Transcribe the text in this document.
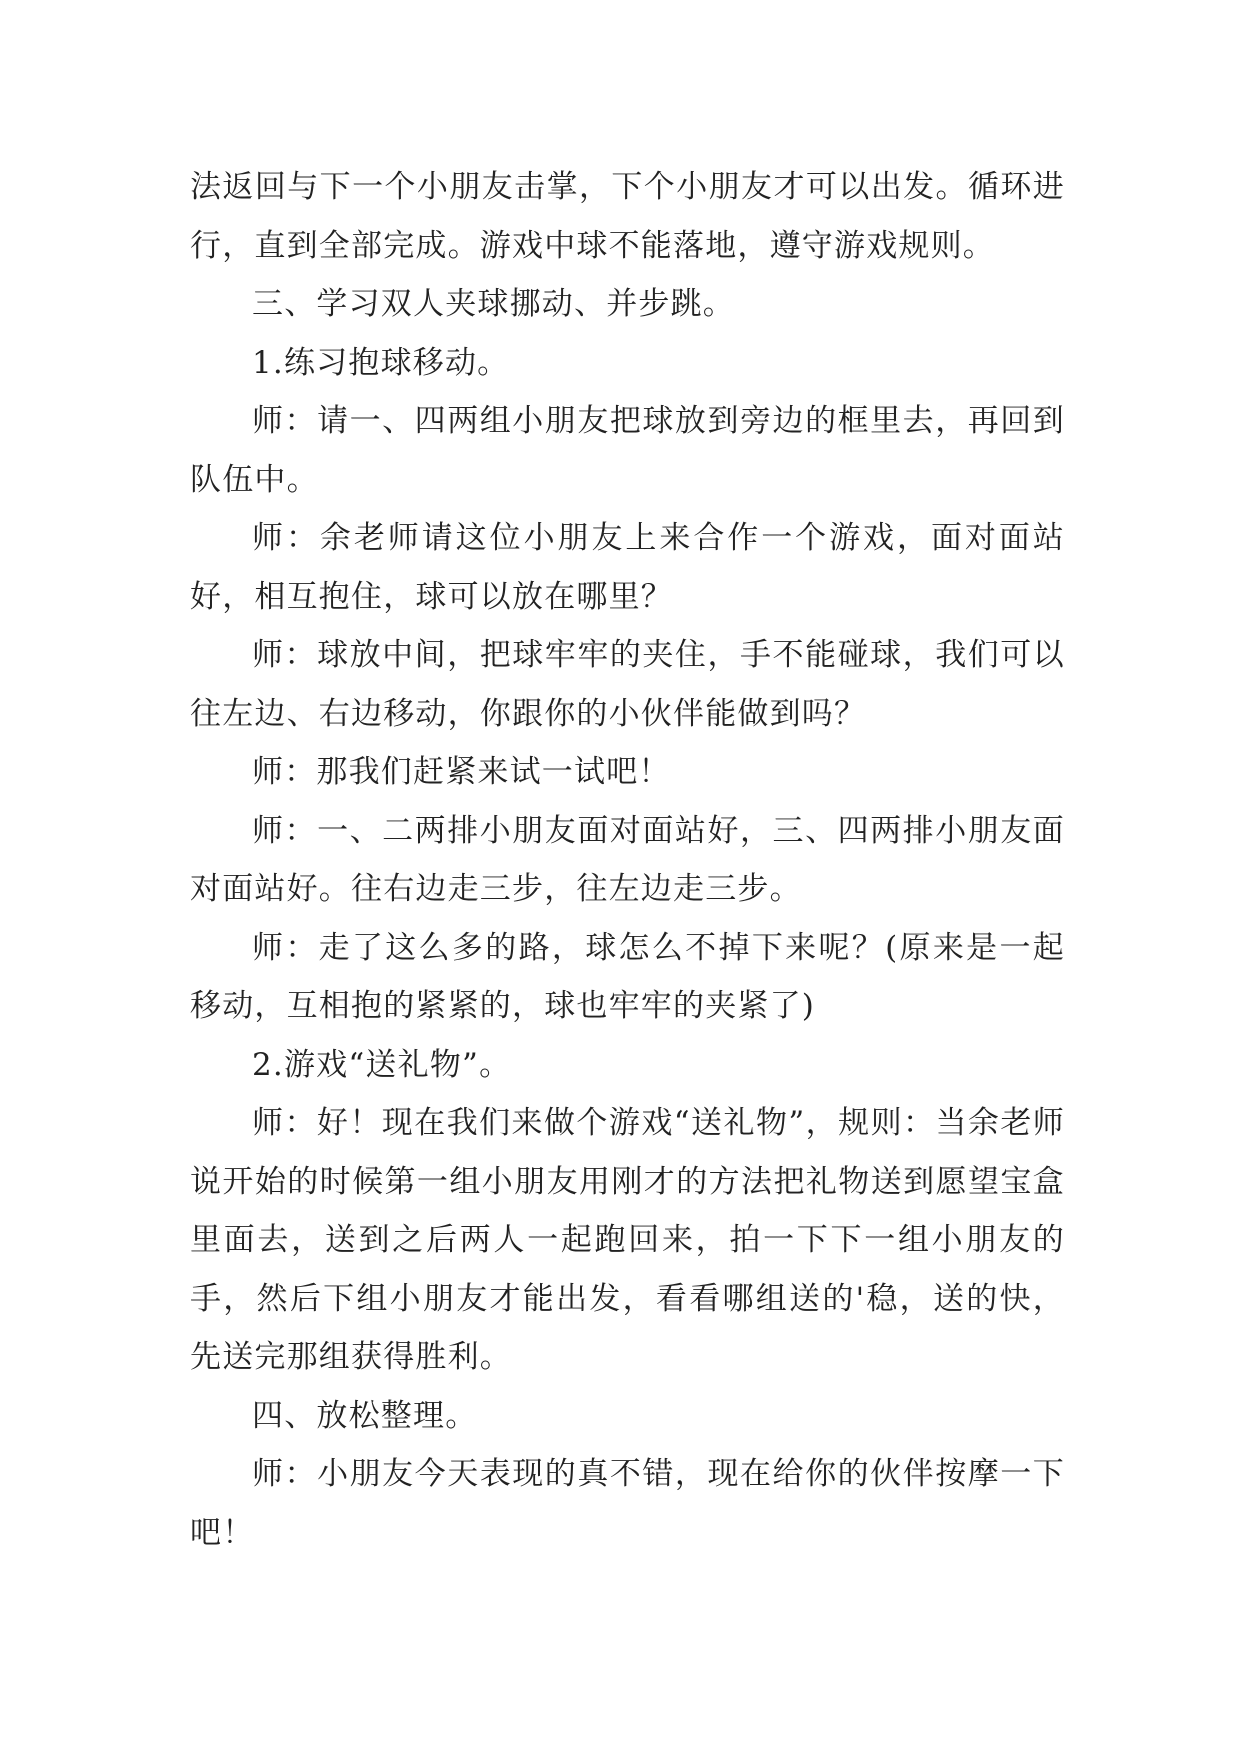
法返回与下一个小朋友击掌，下个小朋友才可以出发。循环进行，直到全部完成。游戏中球不能落地，遵守游戏规则。

三、学习双人夹球挪动、并步跳。

1.练习抱球移动。

师：请一、四两组小朋友把球放到旁边的框里去，再回到队伍中。

师：余老师请这位小朋友上来合作一个游戏，面对面站好，相互抱住，球可以放在哪里？

师：球放中间，把球牢牢的夹住，手不能碰球，我们可以往左边、右边移动，你跟你的小伙伴能做到吗？

师：那我们赶紧来试一试吧！

师：一、二两排小朋友面对面站好，三、四两排小朋友面对面站好。往右边走三步，往左边走三步。

师：走了这么多的路，球怎么不掉下来呢？(原来是一起移动，互相抱的紧紧的，球也牢牢的夹紧了)

2.游戏“送礼物”。

师：好！现在我们来做个游戏“送礼物”，规则：当余老师说开始的时候第一组小朋友用刚才的方法把礼物送到愿望宝盒里面去，送到之后两人一起跑回来，拍一下下一组小朋友的手，然后下组小朋友才能出发，看看哪组送的'稳，送的快，先送完那组获得胜利。

四、放松整理。

师：小朋友今天表现的真不错，现在给你的伙伴按摩一下吧！
